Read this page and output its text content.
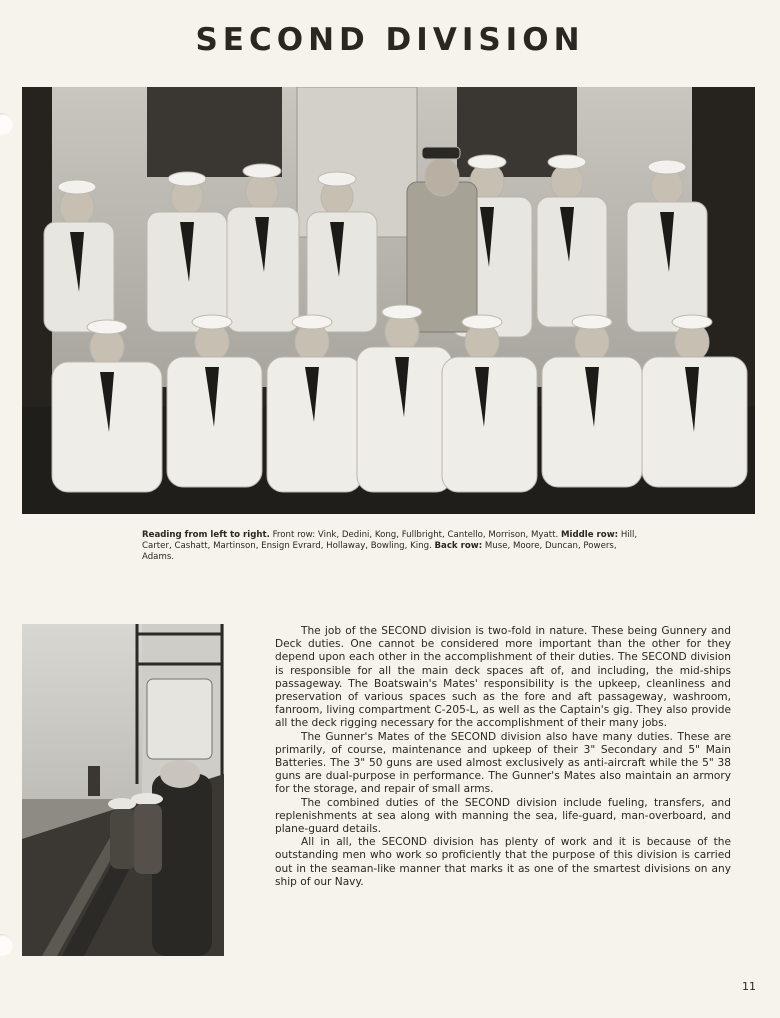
SECOND DIVISION
Reading from left to right. Front row: Vink, Dedini, Kong, Fullbright, Cantello, Morrison, Myatt. Middle row: Hill, Carter, Cashatt, Martinson, Ensign Evrard, Hollaway, Bowling, King. Back row: Muse, Moore, Duncan, Powers, Adams.

The job of the SECOND division is two-fold in nature. These being Gunnery and Deck duties. One cannot be considered more important than the other for they depend upon each other in the accomplishment of their duties. The SECOND division is responsible for all the main deck spaces aft of, and including, the mid-ships passageway. The Boatswain's Mates' responsibility is the upkeep, cleanliness and preservation of various spaces such as the fore and aft passageway, washroom, fanroom, living compartment C-205-L, as well as the Captain's gig. They also provide all the deck rigging necessary for the accomplishment of their many jobs.

The Gunner's Mates of the SECOND division also have many duties. These are primarily, of course, maintenance and upkeep of their 3" Secondary and 5" Main Batteries. The 3" 50 guns are used almost exclusively as anti-aircraft while the 5" 38 guns are dual-purpose in performance. The Gunner's Mates also maintain an armory for the storage, and repair of small arms.

The combined duties of the SECOND division include fueling, transfers, and replenishments at sea along with manning the sea, life-guard, man-overboard, and plane-guard details.

All in all, the SECOND division has plenty of work and it is because of the outstanding men who work so proficiently that the purpose of this division is carried out in the seaman-like manner that marks it as one of the smartest divisions on any ship of our Navy.

11
